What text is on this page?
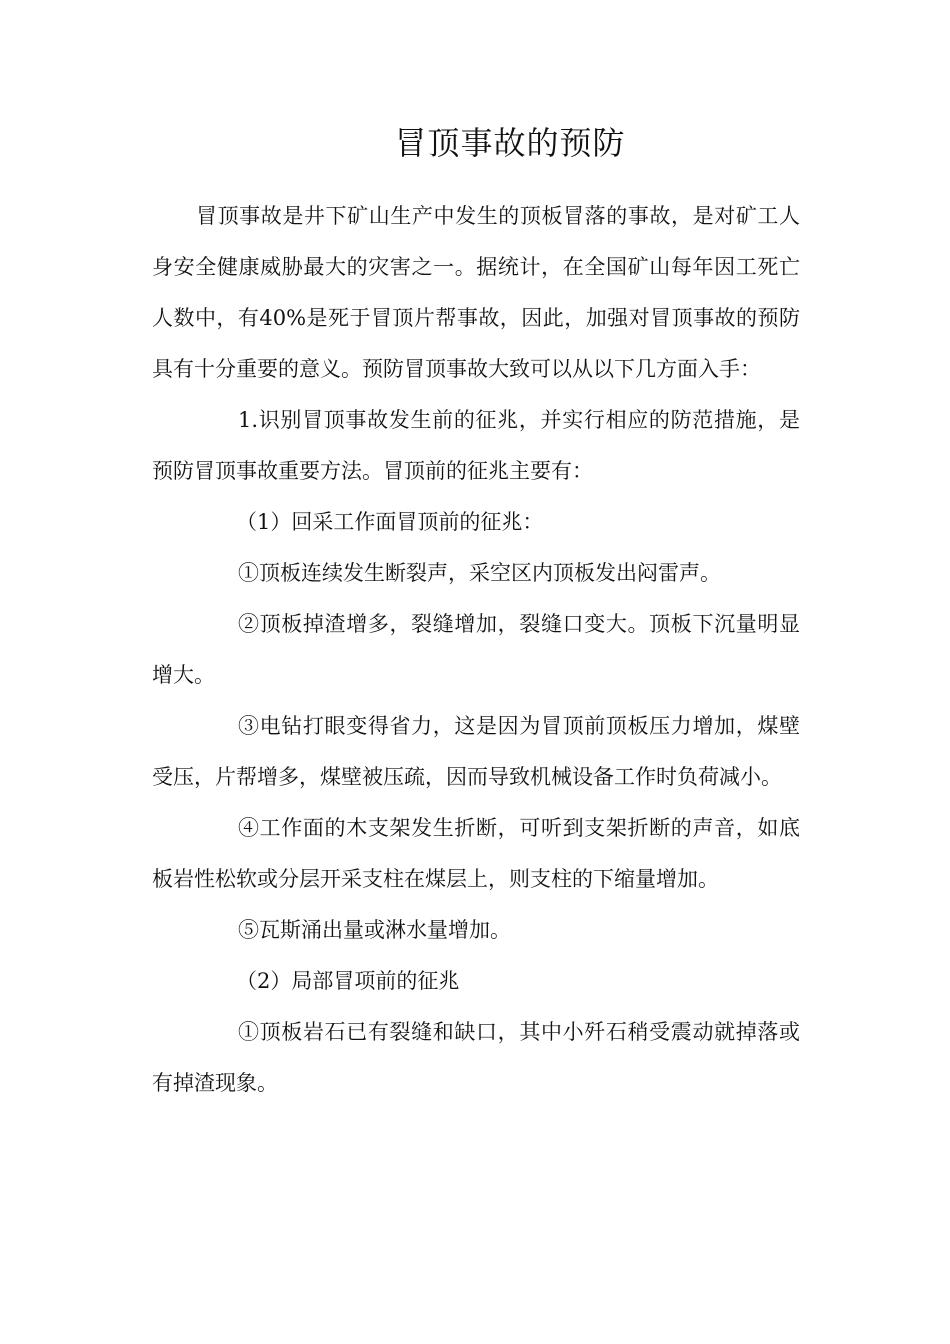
冒顶事故的预防

冒顶事故是井下矿山生产中发生的顶板冒落的事故，是对矿工人身安全健康威胁最大的灾害之一。据统计，在全国矿山每年因工死亡人数中，有40%是死于冒顶片帮事故，因此，加强对冒顶事故的预防具有十分重要的意义。预防冒顶事故大致可以从以下几方面入手：

1.识别冒顶事故发生前的征兆，并实行相应的防范措施，是预防冒顶事故重要方法。冒顶前的征兆主要有：

（1）回采工作面冒顶前的征兆：

①顶板连续发生断裂声，采空区内顶板发出闷雷声。

②顶板掉渣增多，裂缝增加，裂缝口变大。顶板下沉量明显增大。

③电钻打眼变得省力，这是因为冒顶前顶板压力增加，煤壁受压，片帮增多，煤壁被压疏，因而导致机械设备工作时负荷减小。

④工作面的木支架发生折断，可听到支架折断的声音，如底板岩性松软或分层开采支柱在煤层上，则支柱的下缩量增加。

⑤瓦斯涌出量或淋水量增加。

（2）局部冒项前的征兆

①顶板岩石已有裂缝和缺口，其中小歼石稍受震动就掉落或有掉渣现象。
